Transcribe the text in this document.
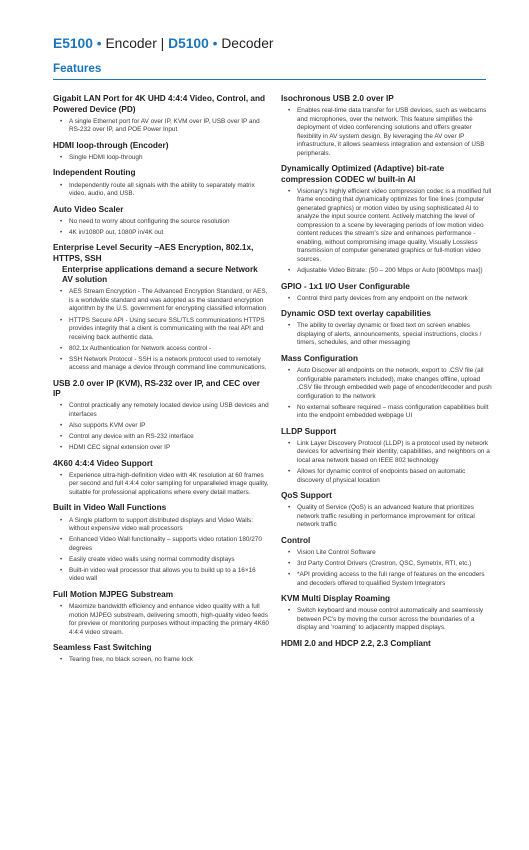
E5100 • Encoder | D5100 • Decoder
Features
Gigabit LAN Port for 4K UHD 4:4:4 Video, Control, and Powered Device (PD)
• A single Ethernet port for AV over IP, KVM over IP, USB over IP and RS-232 over IP, and POE Power Input
HDMI loop-through (Encoder)
• Single HDMI loop-through
Independent Routing
• Independently route all signals with the ability to separately matrix video, audio, and USB.
Auto Video Scaler
• No need to worry about configuring the source resolution
• 4K in/1080P out, 1080P in/4K out
Enterprise Level Security –AES Encryption, 802.1x, HTTPS, SSH
Enterprise applications demand a secure Network AV solution
• AES Stream Encryption - The Advanced Encryption Standard, or AES, is a worldwide standard and was adopted as the standard encryption algorithm by the U.S. government for encrypting classified information
• HTTPS Secure API - Using secure SSL/TLS communications HTTPS provides integrity that a client is communicating with the real API and receiving back authentic data.
• 802.1x Authentication for Network access control -
• SSH Network Protocol - SSH is a network protocol used to remotely access and manage a device through command line communications.
USB 2.0 over IP (KVM), RS-232 over IP, and CEC over IP
• Control practically any remotely located device using USB devices and interfaces
• Also supports KVM over IP
• Control any device with an RS-232 interface
• HDMI CEC signal extension over IP
4K60 4:4:4 Video Support
• Experience ultra-high-definition video with 4K resolution at 60 frames per second and full 4:4:4 color sampling for unparalleled image quality, suitable for professional applications where every detail matters.
Built in Video Wall Functions
• A Single platform to support distributed displays and Video Walls: without expensive video wall processors
• Enhanced Video Wall functionality – supports video rotation 180/270 degrees
• Easily create video walls using normal commodity displays
• Built-in video wall processor that allows you to build up to a 16×16 video wall
Full Motion MJPEG Substream
• Maximize bandwidth efficiency and enhance video quality with a full motion MJPEG substream, delivering smooth, high-quality video feeds for preview or monitoring purposes without impacting the primary 4K60 4:4:4 video stream.
Seamless Fast Switching
• Tearing free, no black screen, no frame lock
Isochronous USB 2.0 over IP
• Enables real-time data transfer for USB devices, such as webcams and microphones, over the network. This feature simplifies the deployment of video conferencing solutions and offers greater flexibility in AV system design. By leveraging the AV over IP infrastructure, it allows seamless integration and extension of USB peripherals.
Dynamically Optimized (Adaptive) bit-rate compression CODEC w/ built-in AI
• Visionary's highly efficient video compression codec is a modified full frame encoding that dynamically optimizes for fine lines (computer generated graphics) or motion video by using sophisticated AI to analyze the input source content. Actively matching the level of compression to a scene by leveraging periods of low motion video content reduces the stream's size and enhances performance - enabling, without compromising image quality, Visually Lossless transmission of computer generated graphics or full-motion video sources.
• Adjustable Video Bitrate: (50 – 200 Mbps or Auto [800Mbps max])
GPIO - 1x1 I/O User Configurable
• Control third party devices from any endpoint on the network
Dynamic OSD text overlay capabilities
• The ability to overlay dynamic or fixed text on screen enables displaying of alerts, announcements, special instructions, clocks / timers, schedules, and other messaging
Mass Configuration
• Auto Discover all endpoints on the network, export to .CSV file (all configurable parameters included), make changes offline, upload .CSV file through embedded web page of encoder/decoder and push configuration to the network
• No external software required – mass configuration capabilities built into the endpoint embedded webpage UI
LLDP Support
• Link Layer Discovery Protocol (LLDP) is a protocol used by network devices for advertising their identity, capabilities, and neighbors on a local area network based on IEEE 802 technology
• Allows for dynamic control of endpoints based on automatic discovery of physical location
QoS Support
• Quality of Service (QoS) is an advanced feature that prioritizes network traffic resulting in performance improvement for critical network traffic
Control
• Vision Lite Control Software
• 3rd Party Control Drivers (Crestron, QSC, Symetrix, RTI, etc.)
• *API providing access to the full range of features on the encoders and decoders offered to qualified System Integrators
KVM Multi Display Roaming
• Switch keyboard and mouse control automatically and seamlessly between PC's by moving the cursor across the boundaries of a display and 'roaming' to adjacently mapped displays.
HDMI 2.0 and HDCP 2.2, 2.3 Compliant
